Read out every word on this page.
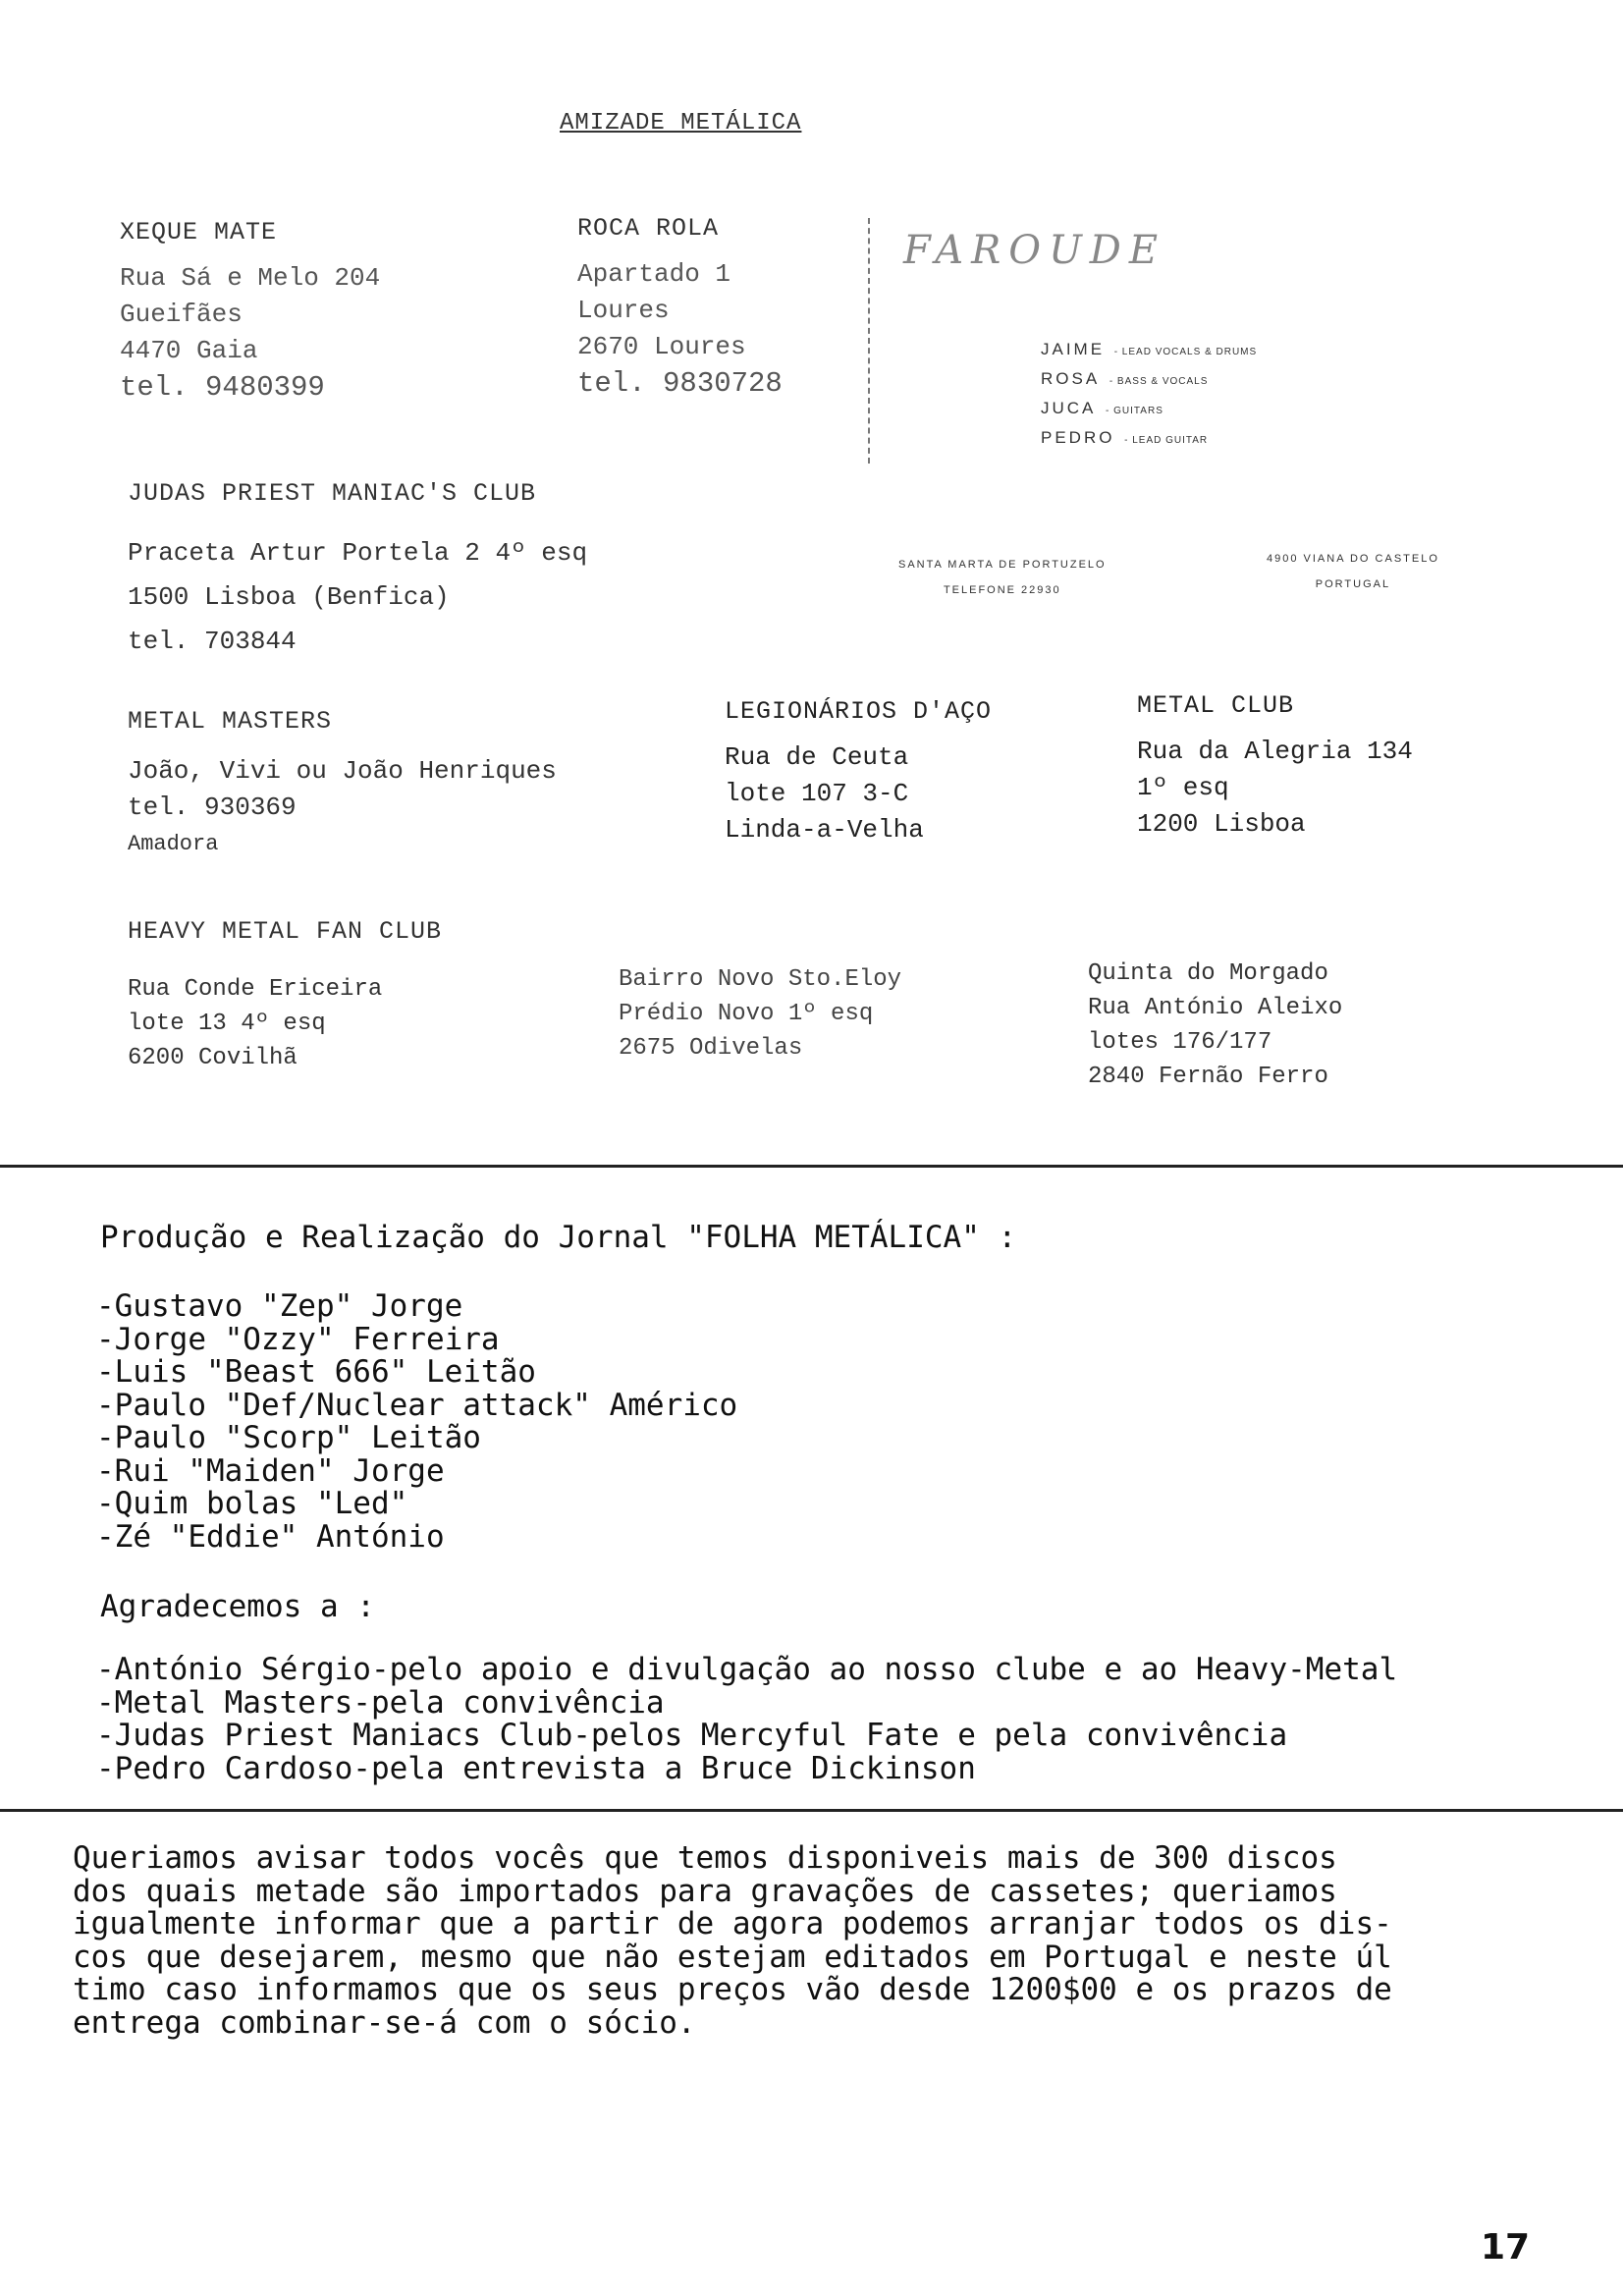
AMIZADE METÁLICA
XEQUE MATE
Rua Sá e Melo 204
Gueifães
4470 Gaia
tel. 9480399
ROCA ROLA
Apartado 1
Loures
2670 Loures
tel. 9830728
FAROUDE
JAIME - LEAD VOCALS & DRUMS
ROSA - BASS & VOCALS
JUCA - GUITARS
PEDRO - LEAD GUITAR
SANTA MARTA DE PORTUZELO
TELEFONE 22930
4900 VIANA DO CASTELO
PORTUGAL
JUDAS PRIEST MANIAC'S CLUB
Praceta Artur Portela 2 4º esq
1500 Lisboa (Benfica)
tel. 703844
METAL MASTERS
João, Vivi ou João Henriques
tel. 930369
Amadora
LEGIONÁRIOS D'AÇO
Rua de Ceuta
lote 107 3-C
Linda-a-Velha
METAL CLUB
Rua da Alegria 134
1º esq
1200 Lisboa
HEAVY METAL FAN CLUB
Rua Conde Ericeira
lote 13 4º esq
6200 Covilhã
Bairro Novo Sto.Eloy
Prédio Novo 1º esq
2675 Odivelas
Quinta do Morgado
Rua António Aleixo
lotes 176/177
2840 Fernão Ferro
Produção e Realização do Jornal "FOLHA METÁLICA" :
-Gustavo "Zep" Jorge
-Jorge "Ozzy" Ferreira
-Luis "Beast 666" Leitão
-Paulo "Def/Nuclear attack" Américo
-Paulo "Scorp" Leitão
-Rui "Maiden" Jorge
-Quim bolas "Led"
-Zé "Eddie" António
Agradecemos a :
-António Sérgio-pelo apoio e divulgação ao nosso clube e ao Heavy-Metal
-Metal Masters-pela convivência
-Judas Priest Maniacs Club-pelos Mercyful Fate e pela convivência
-Pedro Cardoso-pela entrevista a Bruce Dickinson
Queriamos avisar todos vocês que temos disponiveis mais de 300 discos
dos quais metade são importados para gravações de cassetes; queriamos
igualmente informar que a partir de agora podemos arranjar todos os dis-
cos que desejarem, mesmo que não estejam editados em Portugal e neste úl
timo caso informamos que os seus preços vão desde 1200$00 e os prazos de
entrega combinar-se-á com o sócio.
17
